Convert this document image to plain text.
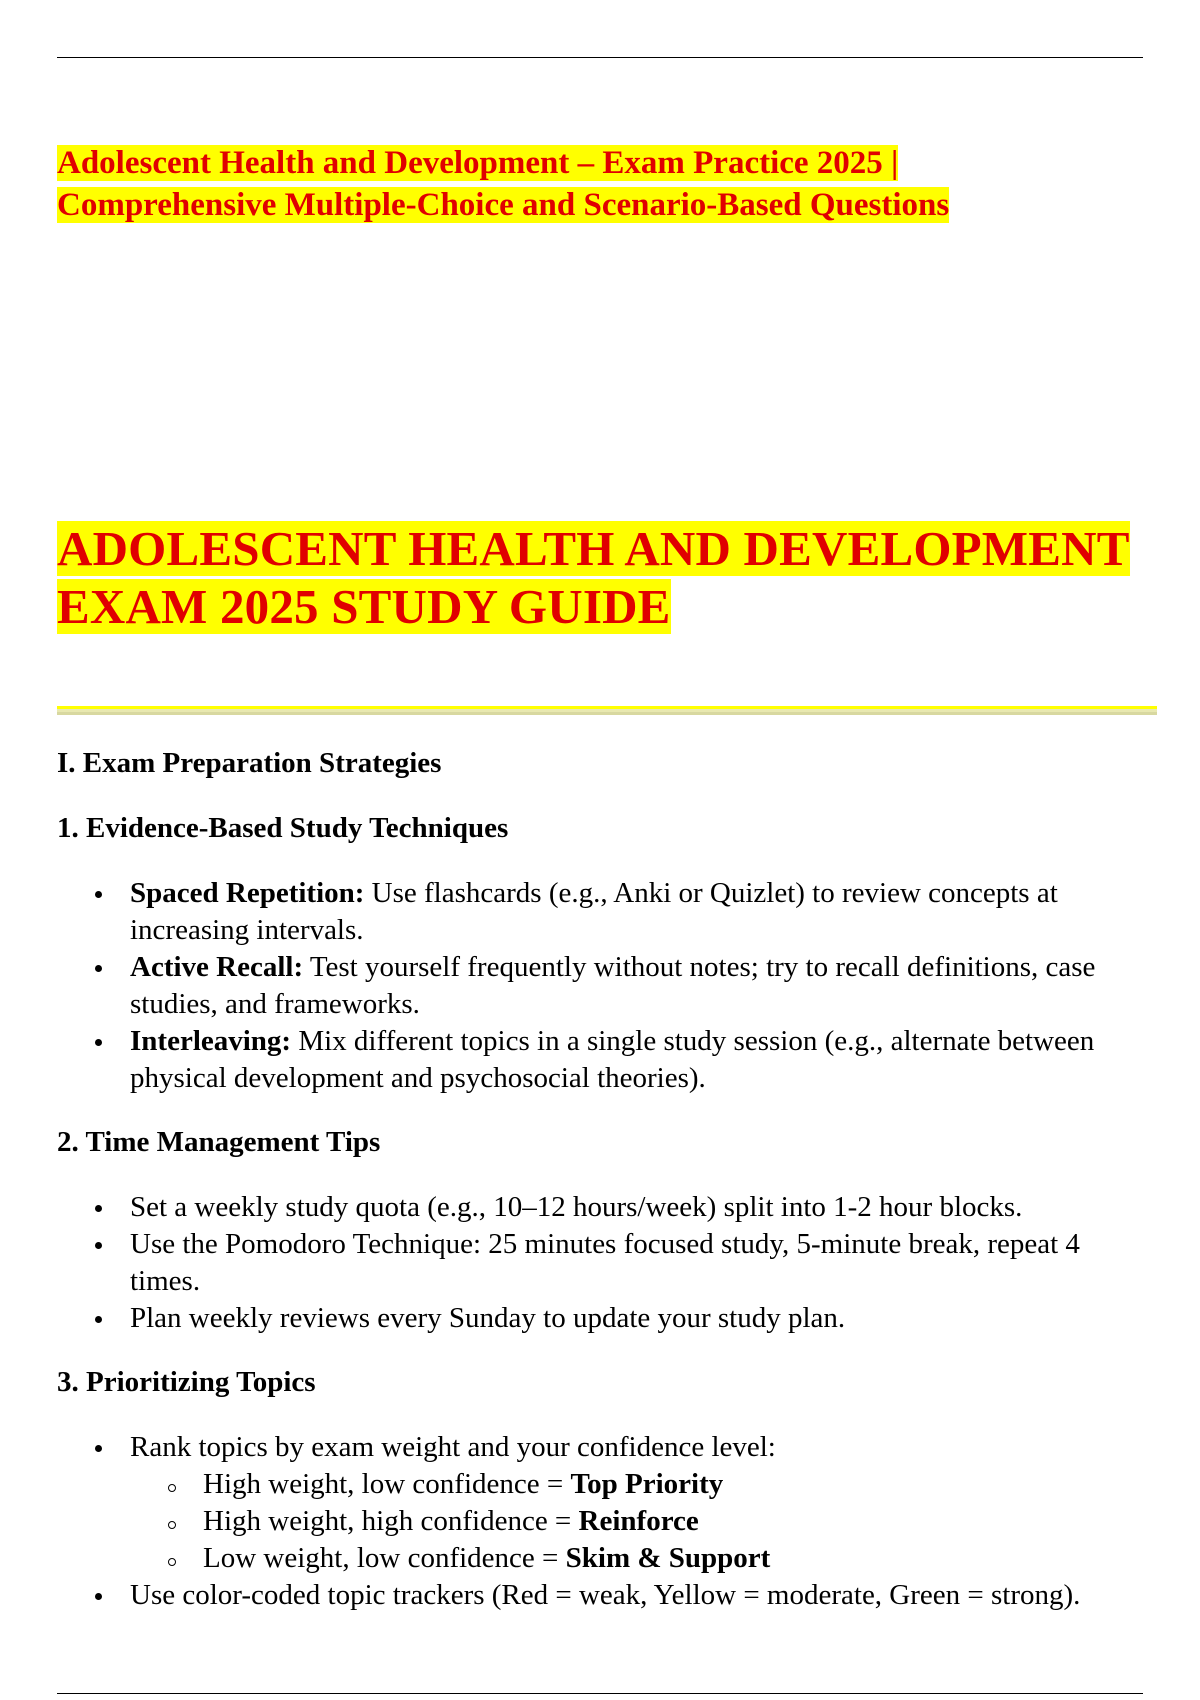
Adolescent Health and Development – Exam Practice 2025 |
Comprehensive Multiple-Choice and Scenario-Based Questions
ADOLESCENT HEALTH AND DEVELOPMENT
EXAM 2025 STUDY GUIDE
I. Exam Preparation Strategies
1. Evidence-Based Study Techniques
Spaced Repetition: Use flashcards (e.g., Anki or Quizlet) to review concepts at increasing intervals.
Active Recall: Test yourself frequently without notes; try to recall definitions, case studies, and frameworks.
Interleaving: Mix different topics in a single study session (e.g., alternate between physical development and psychosocial theories).
2. Time Management Tips
Set a weekly study quota (e.g., 10–12 hours/week) split into 1-2 hour blocks.
Use the Pomodoro Technique: 25 minutes focused study, 5-minute break, repeat 4 times.
Plan weekly reviews every Sunday to update your study plan.
3. Prioritizing Topics
Rank topics by exam weight and your confidence level:
High weight, low confidence = Top Priority
High weight, high confidence = Reinforce
Low weight, low confidence = Skim & Support
Use color-coded topic trackers (Red = weak, Yellow = moderate, Green = strong).
